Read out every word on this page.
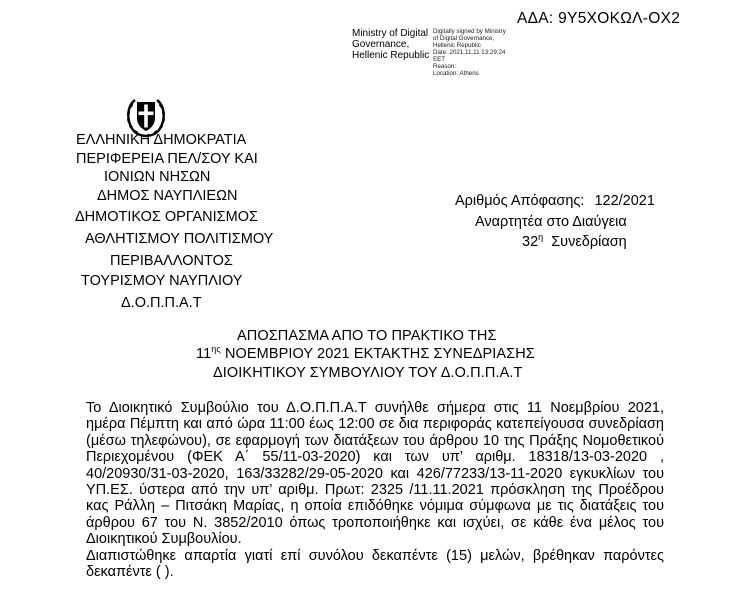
Ministry of Digital
Governance,
Hellenic Republic
Digitally signed by Ministry
of Digital Governance,
Hellenic Republic
Date: 2021.11.11 13:29:24
EET
Reason:
Location: Athens
ΑΔΑ: 9Υ5ΧΟΚΩΛ-ΟΧ2
ΕΛΛΗΝΙΚΗ ΔΗΜΟΚΡΑΤΙΑ
ΠΕΡΙΦΕΡΕΙΑ ΠΕΛ/ΣΟΥ ΚΑΙ
ΙΟΝΙΩΝ ΝΗΣΩΝ
ΔΗΜΟΣ ΝΑΥΠΛΙΕΩΝ
ΔΗΜΟΤΙΚΟΣ ΟΡΓΑΝΙΣΜΟΣ
ΑΘΛΗΤΙΣΜΟΥ ΠΟΛΙΤΙΣΜΟΥ
ΠΕΡΙΒΑΛΛΟΝΤΟΣ
ΤΟΥΡΙΣΜΟΥ ΝΑΥΠΛΙΟΥ
Δ.Ο.Π.Π.Α.Τ
Αριθμός Απόφασης: 122/2021
Αναρτητέα στο Διαύγεια
$32^\eta$ Συνεδρίαση
ΑΠΟΣΠΑΣΜΑ ΑΠΟ ΤΟ ΠΡΑΚΤΙΚΟ ΤΗΣ
$11^{\eta\varsigma}$ ΝΟΕΜΒΡΙΟΥ 2021 ΕΚΤΑΚΤΗΣ ΣΥΝΕΔΡΙΑΣΗΣ
ΔΙΟΙΚΗΤΙΚΟΥ ΣΥΜΒΟΥΛΙΟΥ ΤΟΥ Δ.Ο.Π.Π.Α.Τ
Το Διοικητικό Συμβούλιο του Δ.Ο.Π.Π.Α.Τ συνήλθε σήμερα στις 11 Νοεμβρίου 2021, ημέρα Πέμπτη και από ώρα 11:00 έως 12:00 σε δια περιφοράς κατεπείγουσα συνεδρίαση (μέσω τηλεφώνου), σε εφαρμογή των διατάξεων του άρθρου 10 της Πράξης Νομοθετικού Περιεχομένου (ΦΕΚ Α΄ 55/11-03-2020) και των υπ’ αριθμ. 18318/13-03-2020 , 40/20930/31-03-2020, 163/33282/29-05-2020 και 426/77233/13-11-2020 εγκυκλίων του ΥΠ.ΕΣ. ύστερα από την υπ’ αριθμ. Πρωτ: 2325 /11.11.2021 πρόσκληση της Προέδρου κας Ράλλη – Πιτσάκη Μαρίας, η οποία επιδόθηκε νόμιμα σύμφωνα με τις διατάξεις του άρθρου 67 του Ν. 3852/2010 όπως τροποποιήθηκε και ισχύει, σε κάθε ένα μέλος του Διοικητικού Συμβουλίου.
Διαπιστώθηκε απαρτία γιατί επί συνόλου δεκαπέντε (15) μελών, βρέθηκαν παρόντες δεκαπέντε ( ).
